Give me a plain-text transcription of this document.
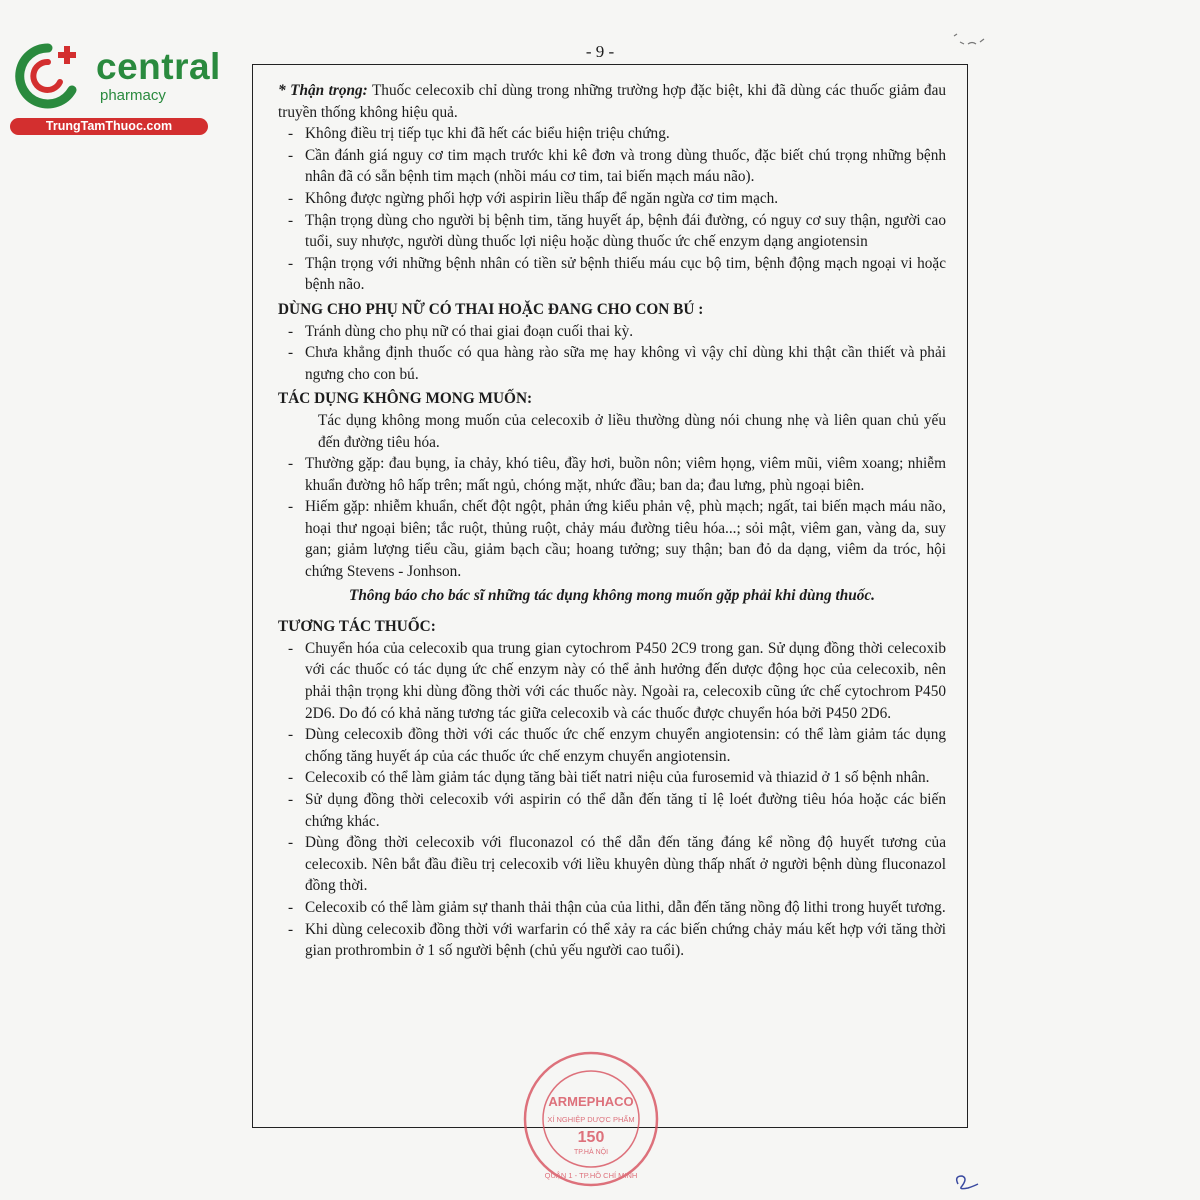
central
pharmacy
TrungTamThuoc.com
- 9 -

* Thận trọng: Thuốc celecoxib chỉ dùng trong những trường hợp đặc biệt, khi đã dùng các thuốc giảm đau truyền thống không hiệu quả.

- Không điều trị tiếp tục khi đã hết các biểu hiện triệu chứng.
- Cần đánh giá nguy cơ tim mạch trước khi kê đơn và trong dùng thuốc, đặc biết chú trọng những bệnh nhân đã có sẵn bệnh tim mạch (nhồi máu cơ tim, tai biến mạch máu não).
- Không được ngừng phối hợp với aspirin liều thấp để ngăn ngừa cơ tim mạch.
- Thận trọng dùng cho người bị bệnh tim, tăng huyết áp, bệnh đái đường, có nguy cơ suy thận, người cao tuổi, suy nhược, người dùng thuốc lợi niệu hoặc dùng thuốc ức chế enzym dạng angiotensin
- Thận trọng với những bệnh nhân có tiền sử bệnh thiếu máu cục bộ tim, bệnh động mạch ngoại vi hoặc bệnh não.

DÙNG CHO PHỤ NỮ CÓ THAI HOẶC ĐANG CHO CON BÚ :

- Tránh dùng cho phụ nữ có thai giai đoạn cuối thai kỳ.
- Chưa khẳng định thuốc có qua hàng rào sữa mẹ hay không vì vậy chỉ dùng khi thật cần thiết và phải ngưng cho con bú.

TÁC DỤNG KHÔNG MONG MUỐN:

Tác dụng không mong muốn của celecoxib ở liều thường dùng nói chung nhẹ và liên quan chủ yếu đến đường tiêu hóa.

- Thường gặp: đau bụng, ỉa chảy, khó tiêu, đầy hơi, buồn nôn; viêm họng, viêm mũi, viêm xoang; nhiễm khuẩn đường hô hấp trên; mất ngủ, chóng mặt, nhức đầu; ban da; đau lưng, phù ngoại biên.
- Hiếm gặp: nhiễm khuẩn, chết đột ngột, phản ứng kiểu phản vệ, phù mạch; ngất, tai biến mạch máu não, hoại thư ngoại biên; tắc ruột, thủng ruột, chảy máu đường tiêu hóa...; sỏi mật, viêm gan, vàng da, suy gan; giảm lượng tiểu cầu, giảm bạch cầu; hoang tưởng; suy thận; ban đỏ da dạng, viêm da tróc, hội chứng Stevens - Jonhson.

Thông báo cho bác sĩ những tác dụng không mong muốn gặp phải khi dùng thuốc.

TƯƠNG TÁC THUỐC:

- Chuyển hóa của celecoxib qua trung gian cytochrom P450 2C9 trong gan. Sử dụng đồng thời celecoxib với các thuốc có tác dụng ức chế enzym này có thể ảnh hưởng đến dược động học của celecoxib, nên phải thận trọng khi dùng đồng thời với các thuốc này. Ngoài ra, celecoxib cũng ức chế cytochrom P450 2D6. Do đó có khả năng tương tác giữa celecoxib và các thuốc được chuyển hóa bởi P450 2D6.
- Dùng celecoxib đồng thời với các thuốc ức chế enzym chuyển angiotensin: có thể làm giảm tác dụng chống tăng huyết áp của các thuốc ức chế enzym chuyển angiotensin.
- Celecoxib có thể làm giảm tác dụng tăng bài tiết natri niệu của furosemid và thiazid ở 1 số bệnh nhân.
- Sử dụng đồng thời celecoxib với aspirin có thể dẫn đến tăng tỉ lệ loét đường tiêu hóa hoặc các biến chứng khác.
- Dùng đồng thời celecoxib với fluconazol có thể dẫn đến tăng đáng kể nồng độ huyết tương của celecoxib. Nên bắt đầu điều trị celecoxib với liều khuyên dùng thấp nhất ở người bệnh dùng fluconazol đồng thời.
- Celecoxib có thể làm giảm sự thanh thải thận của của lithi, dẫn đến tăng nồng độ lithi trong huyết tương.
- Khi dùng celecoxib đồng thời với warfarin có thể xảy ra các biến chứng chảy máu kết hợp với tăng thời gian prothrombin ở 1 số người bệnh (chủ yếu người cao tuổi).
ARMEPHACO
XÍ NGHIỆP DƯỢC PHẨM
150
TP.HÀ NỘI
QUẬN 1 - TP.HỒ CHÍ MINH
